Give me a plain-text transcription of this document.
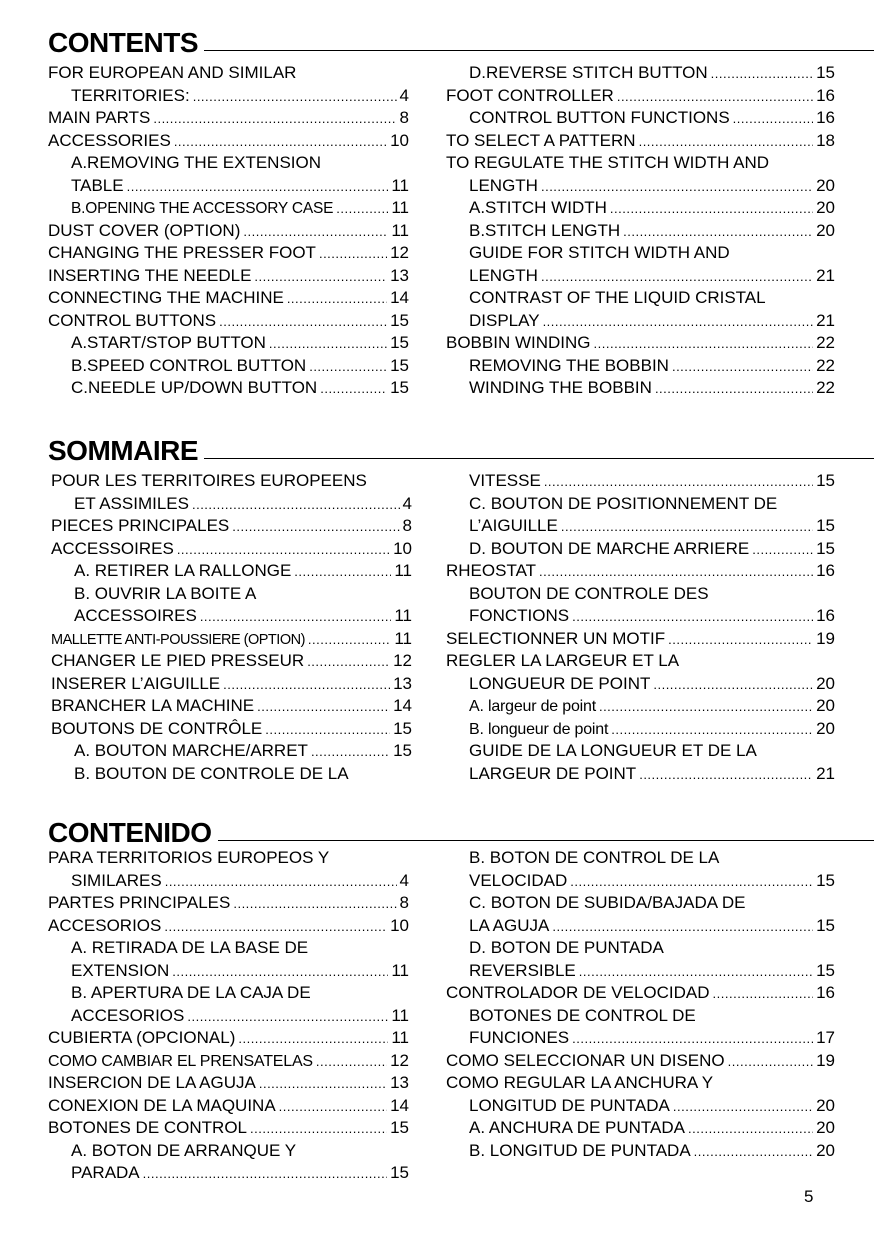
CONTENTS
FOR EUROPEAN AND SIMILAR
TERRITORIES: .....	4
MAIN PARTS .....	8
ACCESSORIES .....	10
A.REMOVING THE EXTENSION
TABLE .....	11
B.OPENING THE ACCESSORY CASE .....	11
DUST COVER (OPTION) .....	11
CHANGING THE PRESSER FOOT .....	12
INSERTING THE NEEDLE .....	13
CONNECTING THE MACHINE .....	14
CONTROL BUTTONS .....	15
A.START/STOP BUTTON .....	15
B.SPEED CONTROL BUTTON .....	15
C.NEEDLE UP/DOWN BUTTON .....	15
D.REVERSE STITCH BUTTON .....	15
FOOT CONTROLLER .....	16
CONTROL BUTTON FUNCTIONS .....	16
TO SELECT A PATTERN .....	18
TO REGULATE THE STITCH WIDTH AND
LENGTH .....	20
A.STITCH WIDTH .....	20
B.STITCH LENGTH .....	20
GUIDE FOR STITCH WIDTH AND
LENGTH .....	21
CONTRAST OF THE LIQUID CRISTAL
DISPLAY .....	21
BOBBIN WINDING .....	22
REMOVING THE BOBBIN .....	22
WINDING THE BOBBIN .....	22
SOMMAIRE
POUR LES TERRITOIRES EUROPEENS
ET ASSIMILES .....	4
PIECES PRINCIPALES .....	8
ACCESSOIRES .....	10
A. RETIRER LA RALLONGE .....	11
B. OUVRIR LA BOITE A
ACCESSOIRES .....	11
MALLETTE ANTI-POUSSIERE (OPTION) .....	11
CHANGER LE PIED PRESSEUR .....	12
INSERER L’AIGUILLE .....	13
BRANCHER LA MACHINE .....	14
BOUTONS DE CONTRÔLE .....	15
A. BOUTON MARCHE/ARRET .....	15
B. BOUTON DE CONTROLE DE LA
VITESSE .....	15
C. BOUTON DE POSITIONNEMENT DE
L’AIGUILLE .....	15
D. BOUTON DE MARCHE ARRIERE .....	15
RHEOSTAT .....	16
BOUTON DE CONTROLE DES
FONCTIONS .....	16
SELECTIONNER UN MOTIF .....	19
REGLER LA LARGEUR ET LA
LONGUEUR DE POINT .....	20
A. largeur de point .....	20
B. longueur de point .....	20
GUIDE DE LA LONGUEUR ET DE LA
LARGEUR DE POINT .....	21
CONTENIDO
PARA TERRITORIOS EUROPEOS Y
SIMILARES .....	4
PARTES PRINCIPALES .....	8
ACCESORIOS .....	10
A. RETIRADA DE LA BASE DE
EXTENSION .....	11
B. APERTURA DE LA CAJA DE
ACCESORIOS .....	11
CUBIERTA (OPCIONAL) .....	11
COMO CAMBIAR EL PRENSATELAS .....	12
INSERCION DE LA AGUJA .....	13
CONEXION DE LA MAQUINA .....	14
BOTONES DE CONTROL .....	15
A. BOTON DE ARRANQUE Y
PARADA .....	15
B. BOTON DE CONTROL DE LA
VELOCIDAD .....	15
C. BOTON DE SUBIDA/BAJADA DE
LA AGUJA .....	15
D. BOTON DE PUNTADA
REVERSIBLE .....	15
CONTROLADOR DE VELOCIDAD .....	16
BOTONES DE CONTROL DE
FUNCIONES .....	17
COMO SELECCIONAR UN DISENO .....	19
COMO REGULAR LA ANCHURA Y
LONGITUD DE PUNTADA .....	20
A. ANCHURA DE PUNTADA .....	20
B. LONGITUD DE PUNTADA .....	20
5
